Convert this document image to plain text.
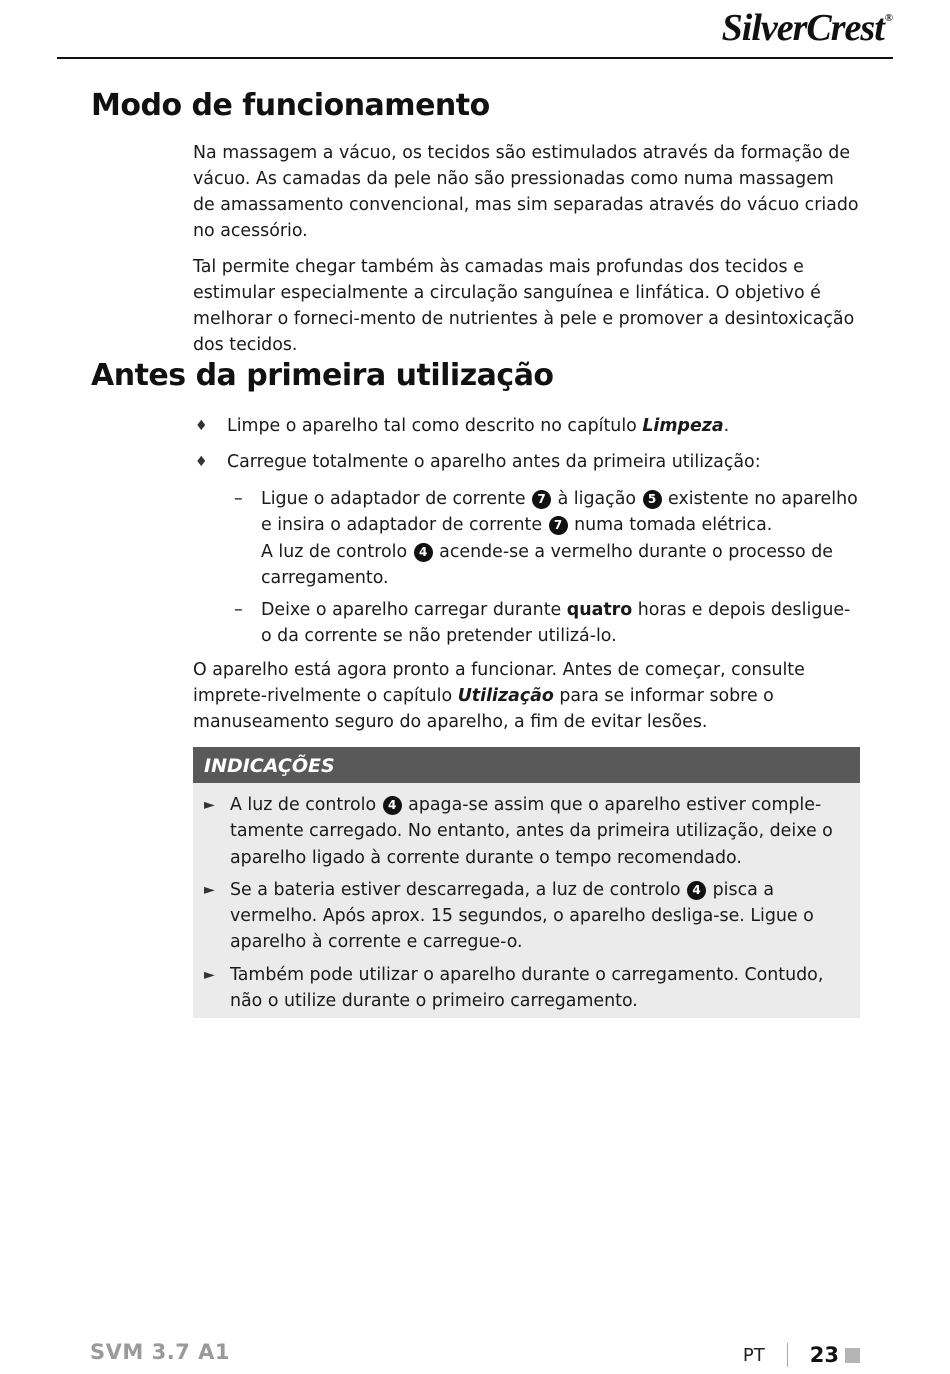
SilverCrest ®
Modo de funcionamento

Na massagem a vácuo, os tecidos são estimulados através da formação de vácuo. As camadas da pele não são pressionadas como numa massagem de amassamento convencional, mas sim separadas através do vácuo criado no acessório.

Tal permite chegar também às camadas mais profundas dos tecidos e estimular especialmente a circulação sanguínea e linfática. O objetivo é melhorar o forneci-mento de nutrientes à pele e promover a desintoxicação dos tecidos.

Antes da primeira utilização
♦ Limpe o aparelho tal como descrito no capítulo Limpeza.
♦ Carregue totalmente o aparelho antes da primeira utilização:
– Ligue o adaptador de corrente 7 à ligação 5 existente no aparelho e insira o adaptador de corrente 7 numa tomada elétrica.
A luz de controlo 4 acende-se a vermelho durante o processo de carregamento.
– Deixe o aparelho carregar durante quatro horas e depois desligue-o da corrente se não pretender utilizá-lo.

O aparelho está agora pronto a funcionar. Antes de começar, consulte imprete-rivelmente o capítulo Utilização para se informar sobre o manuseamento seguro do aparelho, a fim de evitar lesões.

INDICAÇÕES
► A luz de controlo 4 apaga-se assim que o aparelho estiver comple-tamente carregado. No entanto, antes da primeira utilização, deixe o aparelho ligado à corrente durante o tempo recomendado.
► Se a bateria estiver descarregada, a luz de controlo 4 pisca a vermelho. Após aprox. 15 segundos, o aparelho desliga-se. Ligue o aparelho à corrente e carregue-o.
► Também pode utilizar o aparelho durante o carregamento. Contudo, não o utilize durante o primeiro carregamento.
SVM 3.7 A1	PT 23
